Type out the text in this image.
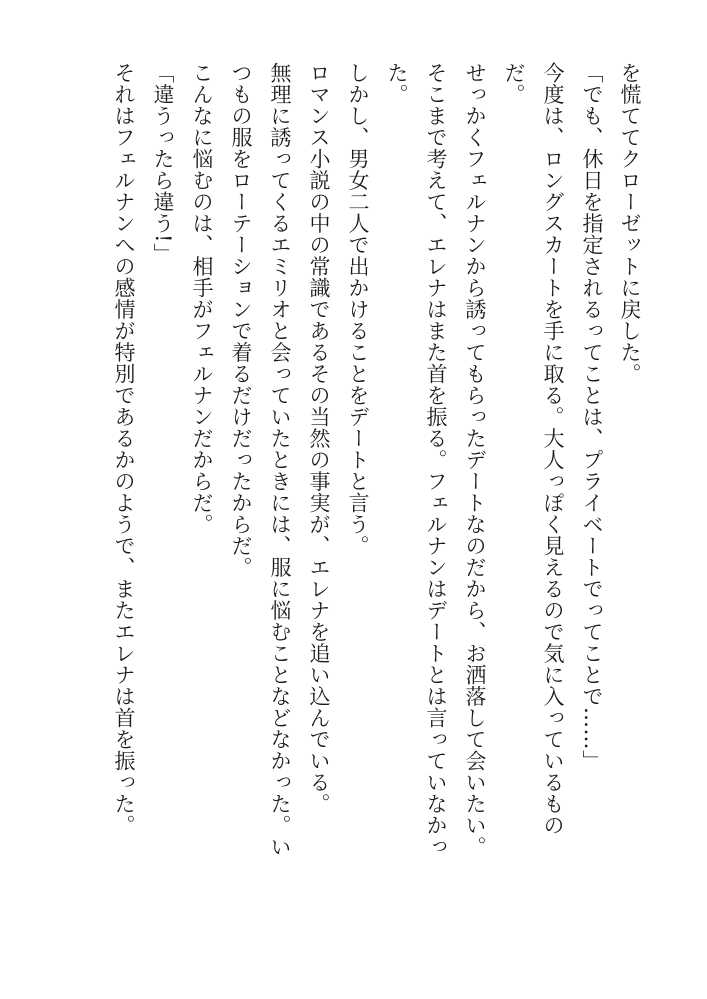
を慌ててクローゼットに戻した。
「でも、休日を指定されるってことは、プライベートでってことで……」
今度は、ロングスカートを手に取る。大人っぽく見えるので気に入っているもの
だ。
せっかくフェルナンから誘ってもらったデートなのだから、お洒落して会いたい。
そこまで考えて、エレナはまた首を振る。フェルナンはデートとは言っていなかっ
た。
しかし、男女二人で出かけることをデートと言う。
ロマンス小説の中の常識であるその当然の事実が、エレナを追い込んでいる。
無理に誘ってくるエミリオと会っていたときには、服に悩むことなどなかった。い
つもの服をローテーションで着るだけだったからだ。
こんなに悩むのは、相手がフェルナンだからだ。
「違うったら違う!」
それはフェルナンへの感情が特別であるかのようで、またエレナは首を振った。
